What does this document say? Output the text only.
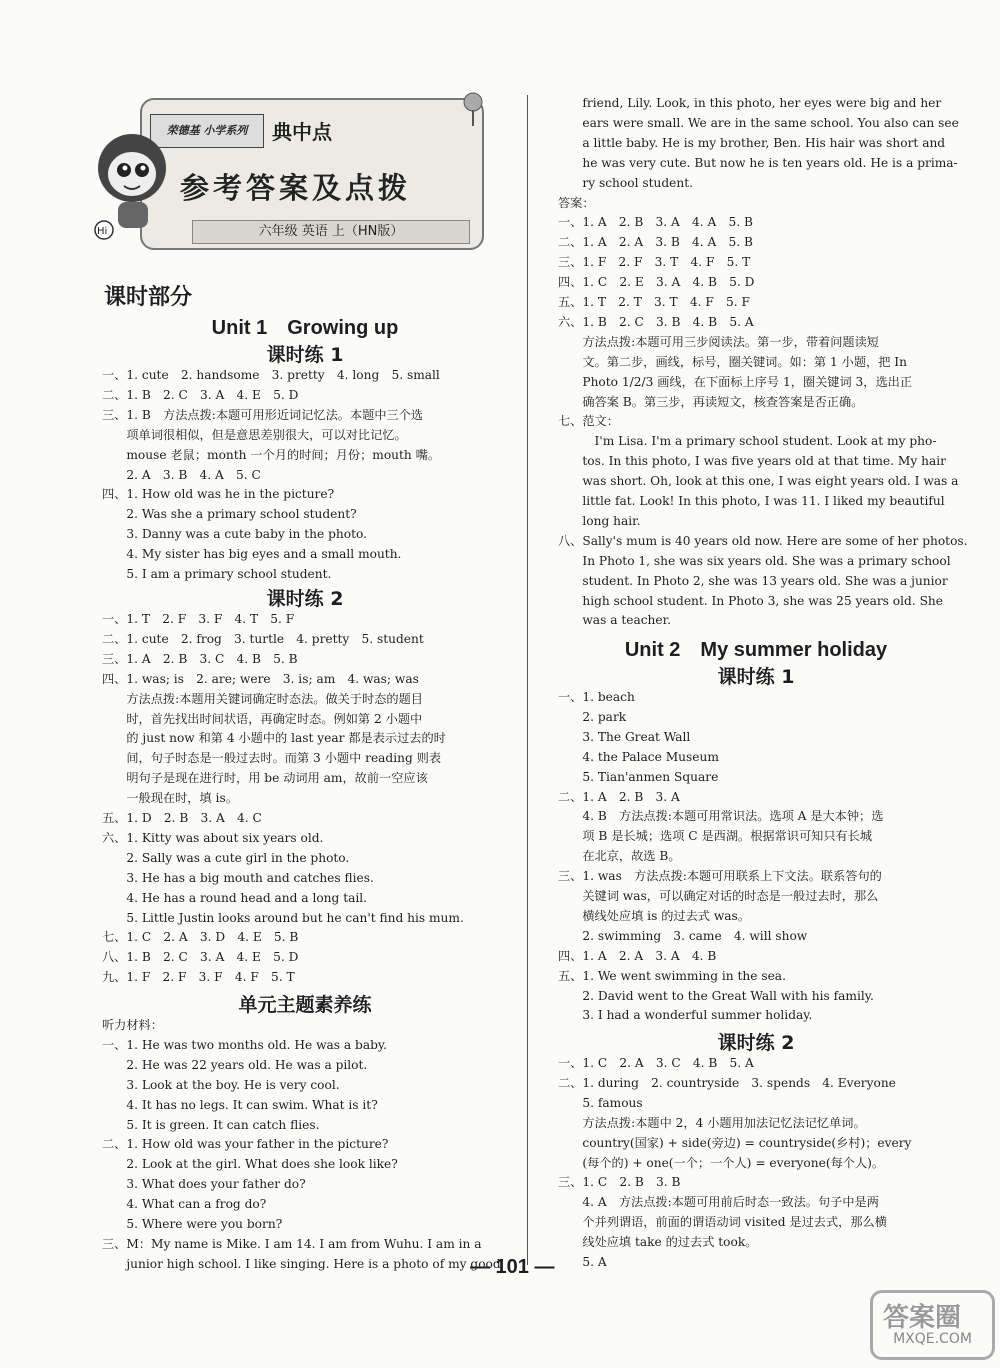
荣德基 小学系列	典中点
参考答案及点拨
六年级 英语 上（HN版）
Hi
课时部分
Unit 1　Growing up
课时练 1
一、1. cute　2. handsome　3. pretty　4. long　5. small
二、1. B　2. C　3. A　4. E　5. D
三、1. B　方法点拨:本题可用形近词记忆法。本题中三个选
　　项单词很相似，但是意思差别很大，可以对比记忆。
　　mouse 老鼠；month 一个月的时间；月份；mouth 嘴。
　　2. A　3. B　4. A　5. C
四、1. How old was he in the picture?
　　2. Was she a primary school student?
　　3. Danny was a cute baby in the photo.
　　4. My sister has big eyes and a small mouth.
　　5. I am a primary school student.
课时练 2
一、1. T　2. F　3. F　4. T　5. F
二、1. cute　2. frog　3. turtle　4. pretty　5. student
三、1. A　2. B　3. C　4. B　5. B
四、1. was; is　2. are; were　3. is; am　4. was; was
　　方法点拨:本题用关键词确定时态法。做关于时态的题目
　　时，首先找出时间状语，再确定时态。例如第 2 小题中
　　的 just now 和第 4 小题中的 last year 都是表示过去的时
　　间，句子时态是一般过去时。而第 3 小题中 reading 则表
　　明句子是现在进行时，用 be 动词用 am，故前一空应该
　　一般现在时，填 is。
五、1. D　2. B　3. A　4. C
六、1. Kitty was about six years old.
　　2. Sally was a cute girl in the photo.
　　3. He has a big mouth and catches flies.
　　4. He has a round head and a long tail.
　　5. Little Justin looks around but he can't find his mum.
七、1. C　2. A　3. D　4. E　5. B
八、1. B　2. C　3. A　4. E　5. D
九、1. F　2. F　3. F　4. F　5. T
单元主题素养练
听力材料：
一、1. He was two months old. He was a baby.
　　2. He was 22 years old. He was a pilot.
　　3. Look at the boy. He is very cool.
　　4. It has no legs. It can swim. What is it?
　　5. It is green. It can catch flies.
二、1. How old was your father in the picture?
　　2. Look at the girl. What does she look like?
　　3. What does your father do?
　　4. What can a frog do?
　　5. Where were you born?
三、M：My name is Mike. I am 14. I am from Wuhu. I am in a
　　junior high school. I like singing. Here is a photo of my good
　　friend, Lily. Look, in this photo, her eyes were big and her
　　ears were small. We are in the same school. You also can see
　　a little baby. He is my brother, Ben. His hair was short and
　　he was very cute. But now he is ten years old. He is a prima-
　　ry school student.
答案：
一、1. A　2. B　3. A　4. A　5. B
二、1. A　2. A　3. B　4. A　5. B
三、1. F　2. F　3. T　4. F　5. T
四、1. C　2. E　3. A　4. B　5. D
五、1. T　2. T　3. T　4. F　5. F
六、1. B　2. C　3. B　4. B　5. A
　　方法点拨:本题可用三步阅读法。第一步，带着问题读短
　　文。第二步，画线，标号，圈关键词。如：第 1 小题，把 In
　　Photo 1/2/3 画线，在下面标上序号 1，圈关键词 3，选出正
　　确答案 B。第三步，再读短文，核查答案是否正确。
七、范文：
　　　I'm Lisa. I'm a primary school student. Look at my pho-
　　tos. In this photo, I was five years old at that time. My hair
　　was short. Oh, look at this one, I was eight years old. I was a
　　little fat. Look! In this photo, I was 11. I liked my beautiful
　　long hair.
八、Sally's mum is 40 years old now. Here are some of her photos.
　　In Photo 1, she was six years old. She was a primary school
　　student. In Photo 2, she was 13 years old. She was a junior
　　high school student. In Photo 3, she was 25 years old. She
　　was a teacher.
Unit 2　My summer holiday
课时练 1
一、1. beach
　　2. park
　　3. The Great Wall
　　4. the Palace Museum
　　5. Tian'anmen Square
二、1. A　2. B　3. A
　　4. B　方法点拨:本题可用常识法。选项 A 是大本钟；选
　　项 B 是长城；选项 C 是西湖。根据常识可知只有长城
　　在北京，故选 B。
三、1. was　方法点拨:本题可用联系上下文法。联系答句的
　　关键词 was，可以确定对话的时态是一般过去时，那么
　　横线处应填 is 的过去式 was。
　　2. swimming　3. came　4. will show
四、1. A　2. A　3. A　4. B
五、1. We went swimming in the sea.
　　2. David went to the Great Wall with his family.
　　3. I had a wonderful summer holiday.
课时练 2
一、1. C　2. A　3. C　4. B　5. A
二、1. during　2. countryside　3. spends　4. Everyone
　　5. famous
　　方法点拨:本题中 2，4 小题用加法记忆法记忆单词。
　　country(国家) + side(旁边) = countryside(乡村)；every
　　(每个的) + one(一个；一个人) = everyone(每个人)。
三、1. C　2. B　3. B
　　4. A　方法点拨:本题可用前后时态一致法。句子中是两
　　个并列谓语，前面的谓语动词 visited 是过去式，那么横
　　线处应填 take 的过去式 took。
　　5. A
— 101 —
答案圈
MXQE.COM
